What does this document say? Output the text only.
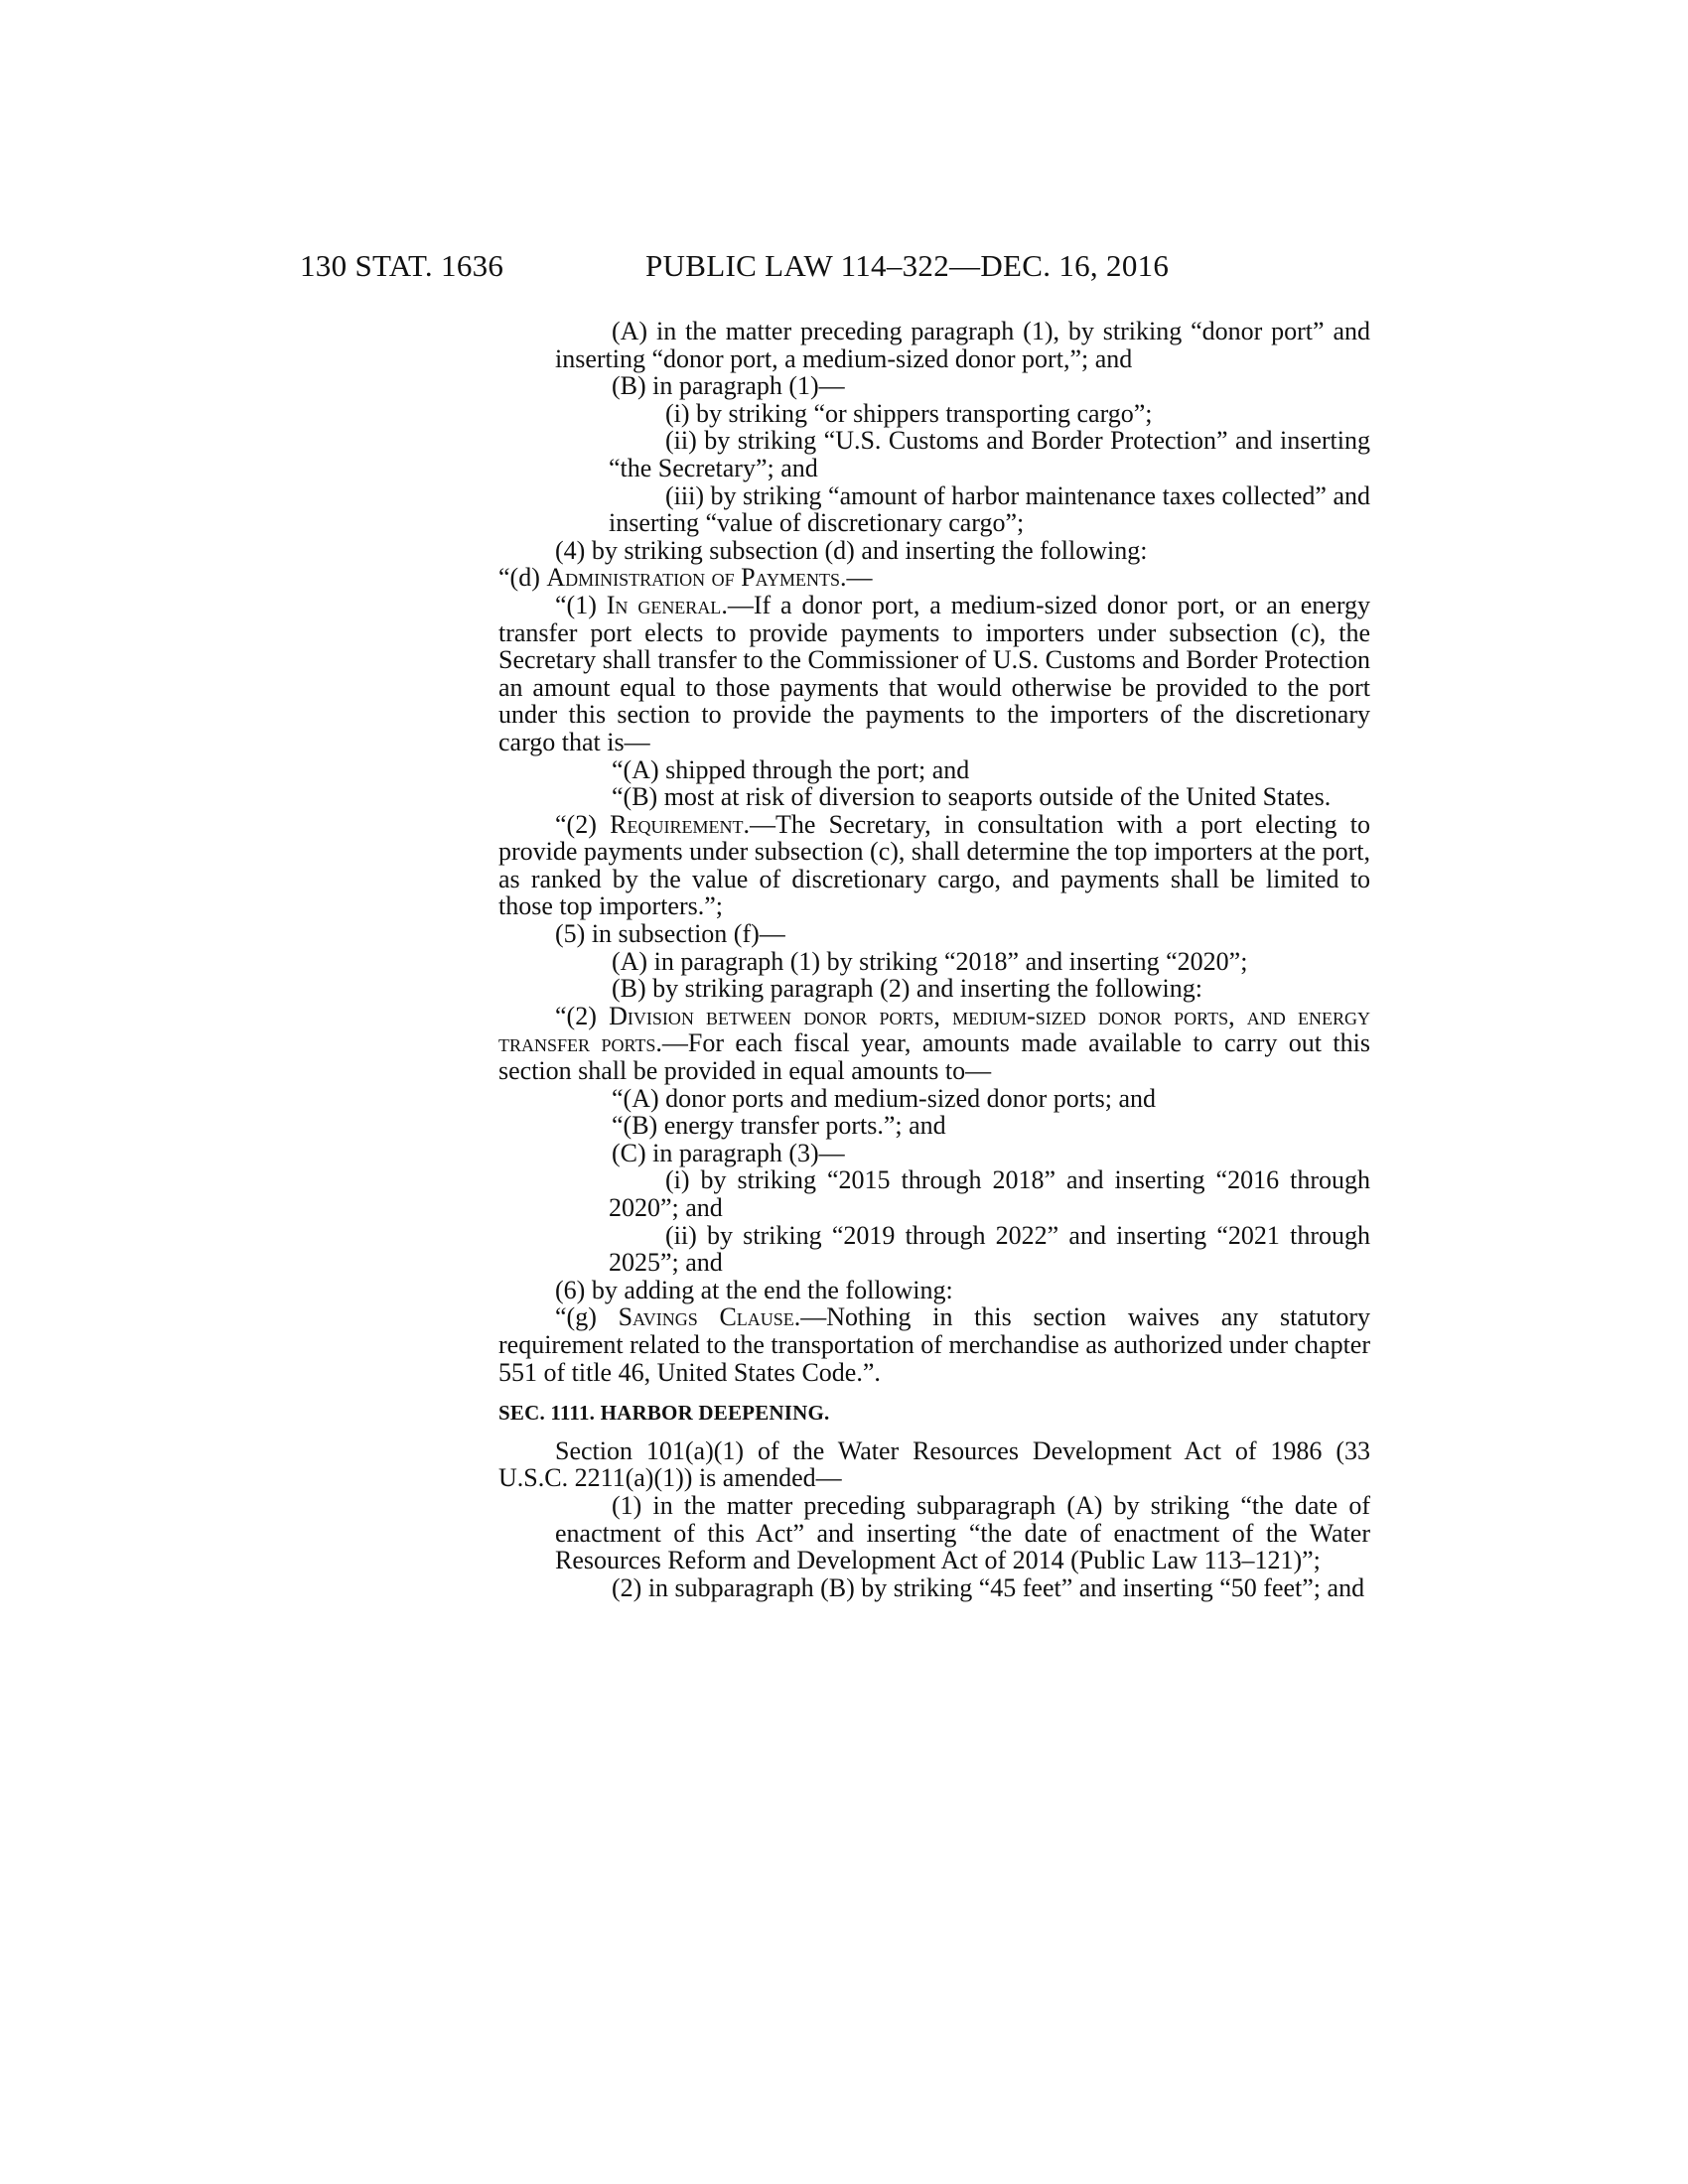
130 STAT. 1636	PUBLIC LAW 114–322—DEC. 16, 2016

(A) in the matter preceding paragraph (1), by striking “donor port” and inserting “donor port, a medium-sized donor port,”; and

(B) in paragraph (1)—

(i) by striking “or shippers transporting cargo”;

(ii) by striking “U.S. Customs and Border Protection” and inserting “the Secretary”; and

(iii) by striking “amount of harbor maintenance taxes collected” and inserting “value of discretionary cargo”;

(4) by striking subsection (d) and inserting the following:

“(d) Administration of Payments.—

“(1) In general.—If a donor port, a medium-sized donor port, or an energy transfer port elects to provide payments to importers under subsection (c), the Secretary shall transfer to the Commissioner of U.S. Customs and Border Protection an amount equal to those payments that would otherwise be provided to the port under this section to provide the payments to the importers of the discretionary cargo that is—

“(A) shipped through the port; and

“(B) most at risk of diversion to seaports outside of the United States.

“(2) Requirement.—The Secretary, in consultation with a port electing to provide payments under subsection (c), shall determine the top importers at the port, as ranked by the value of discretionary cargo, and payments shall be limited to those top importers.”;

(5) in subsection (f)—

(A) in paragraph (1) by striking “2018” and inserting “2020”;

(B) by striking paragraph (2) and inserting the following:

“(2) Division between donor ports, medium-sized donor ports, and energy transfer ports.—For each fiscal year, amounts made available to carry out this section shall be provided in equal amounts to—

“(A) donor ports and medium-sized donor ports; and

“(B) energy transfer ports.”; and

(C) in paragraph (3)—

(i) by striking “2015 through 2018” and inserting “2016 through 2020”; and

(ii) by striking “2019 through 2022” and inserting “2021 through 2025”; and

(6) by adding at the end the following:

“(g) Savings Clause.—Nothing in this section waives any statutory requirement related to the transportation of merchandise as authorized under chapter 551 of title 46, United States Code.”.

SEC. 1111. HARBOR DEEPENING.

Section 101(a)(1) of the Water Resources Development Act of 1986 (33 U.S.C. 2211(a)(1)) is amended—

(1) in the matter preceding subparagraph (A) by striking “the date of enactment of this Act” and inserting “the date of enactment of the Water Resources Reform and Development Act of 2014 (Public Law 113–121)”;

(2) in subparagraph (B) by striking “45 feet” and inserting “50 feet”; and
